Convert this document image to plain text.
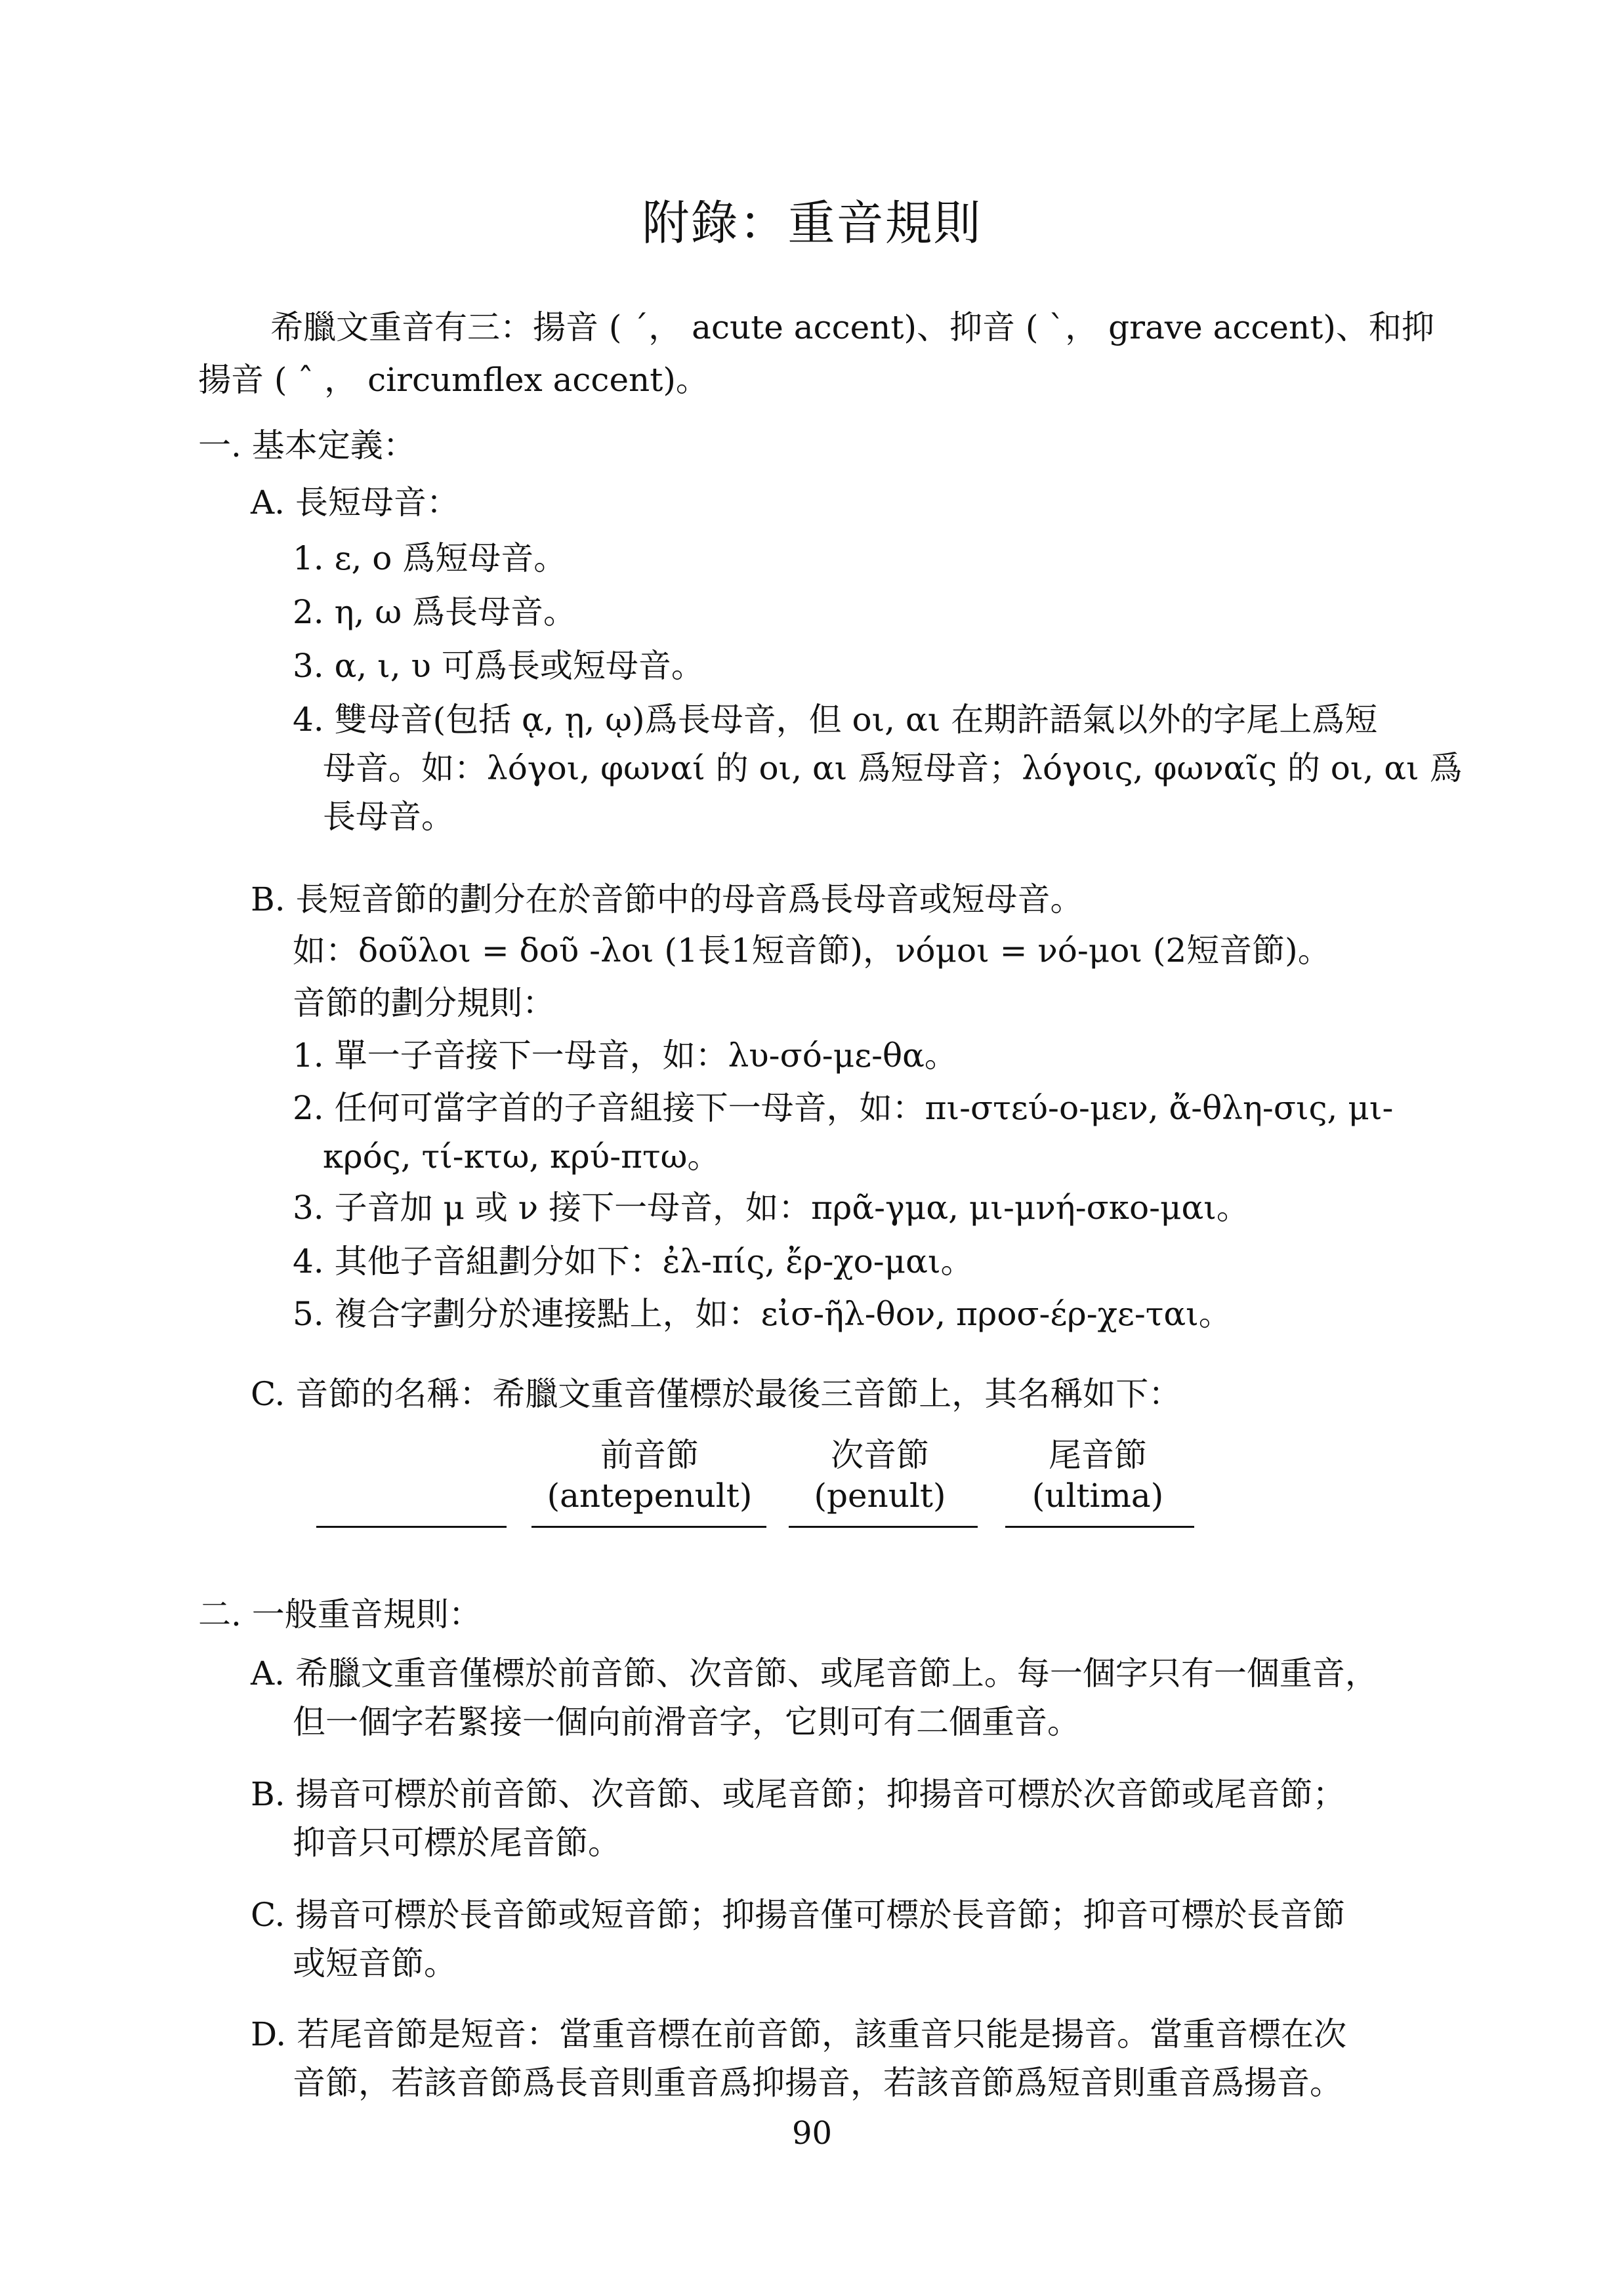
附錄：重音規則
希臘文重音有三：揚音 ( ΄， acute accent)、抑音 ( `， grave accent)、和抑
揚音 ( ˆ ， circumflex accent)。
一. 基本定義：
A. 長短母音：
1. ε, ο 爲短母音。
2. η, ω 爲長母音。
3. α, ι, υ 可爲長或短母音。
4. 雙母音(包括 ᾳ, ῃ, ῳ)爲長母音，但 οι, αι 在期許語氣以外的字尾上爲短
母音。如：λόγοι, φωναί 的 οι, αι 爲短母音；λόγοις, φωναῖς 的 οι, αι 爲
長母音。
B. 長短音節的劃分在於音節中的母音爲長母音或短母音。
如：δοῦλοι = δοῦ -λοι (1長1短音節)，νόμοι = νό-μοι (2短音節)。
音節的劃分規則：
1. 單一子音接下一母音，如：λυ-σό-με-θα。
2. 任何可當字首的子音組接下一母音，如：πι-στεύ-ο-μεν, ἄ-θλη-σις, μι-
κρός, τί-κτω, κρύ-πτω。
3. 子音加 μ 或 ν 接下一母音，如：πρᾶ-γμα, μι-μνή-σκο-μαι。
4. 其他子音組劃分如下：ἐλ-πίς, ἔρ-χο-μαι。
5. 複合字劃分於連接點上，如：εἰσ-ῆλ-θον, προσ-έρ-χε-ται。
C. 音節的名稱：希臘文重音僅標於最後三音節上，其名稱如下：
前音節
(antepenult)
次音節
(penult)
尾音節
(ultima)
二. 一般重音規則：
A. 希臘文重音僅標於前音節、次音節、或尾音節上。每一個字只有一個重音，
但一個字若緊接一個向前滑音字，它則可有二個重音。
B. 揚音可標於前音節、次音節、或尾音節；抑揚音可標於次音節或尾音節；
抑音只可標於尾音節。
C. 揚音可標於長音節或短音節；抑揚音僅可標於長音節；抑音可標於長音節
或短音節。
D. 若尾音節是短音：當重音標在前音節，該重音只能是揚音。當重音標在次
音節，若該音節爲長音則重音爲抑揚音，若該音節爲短音則重音爲揚音。
90
